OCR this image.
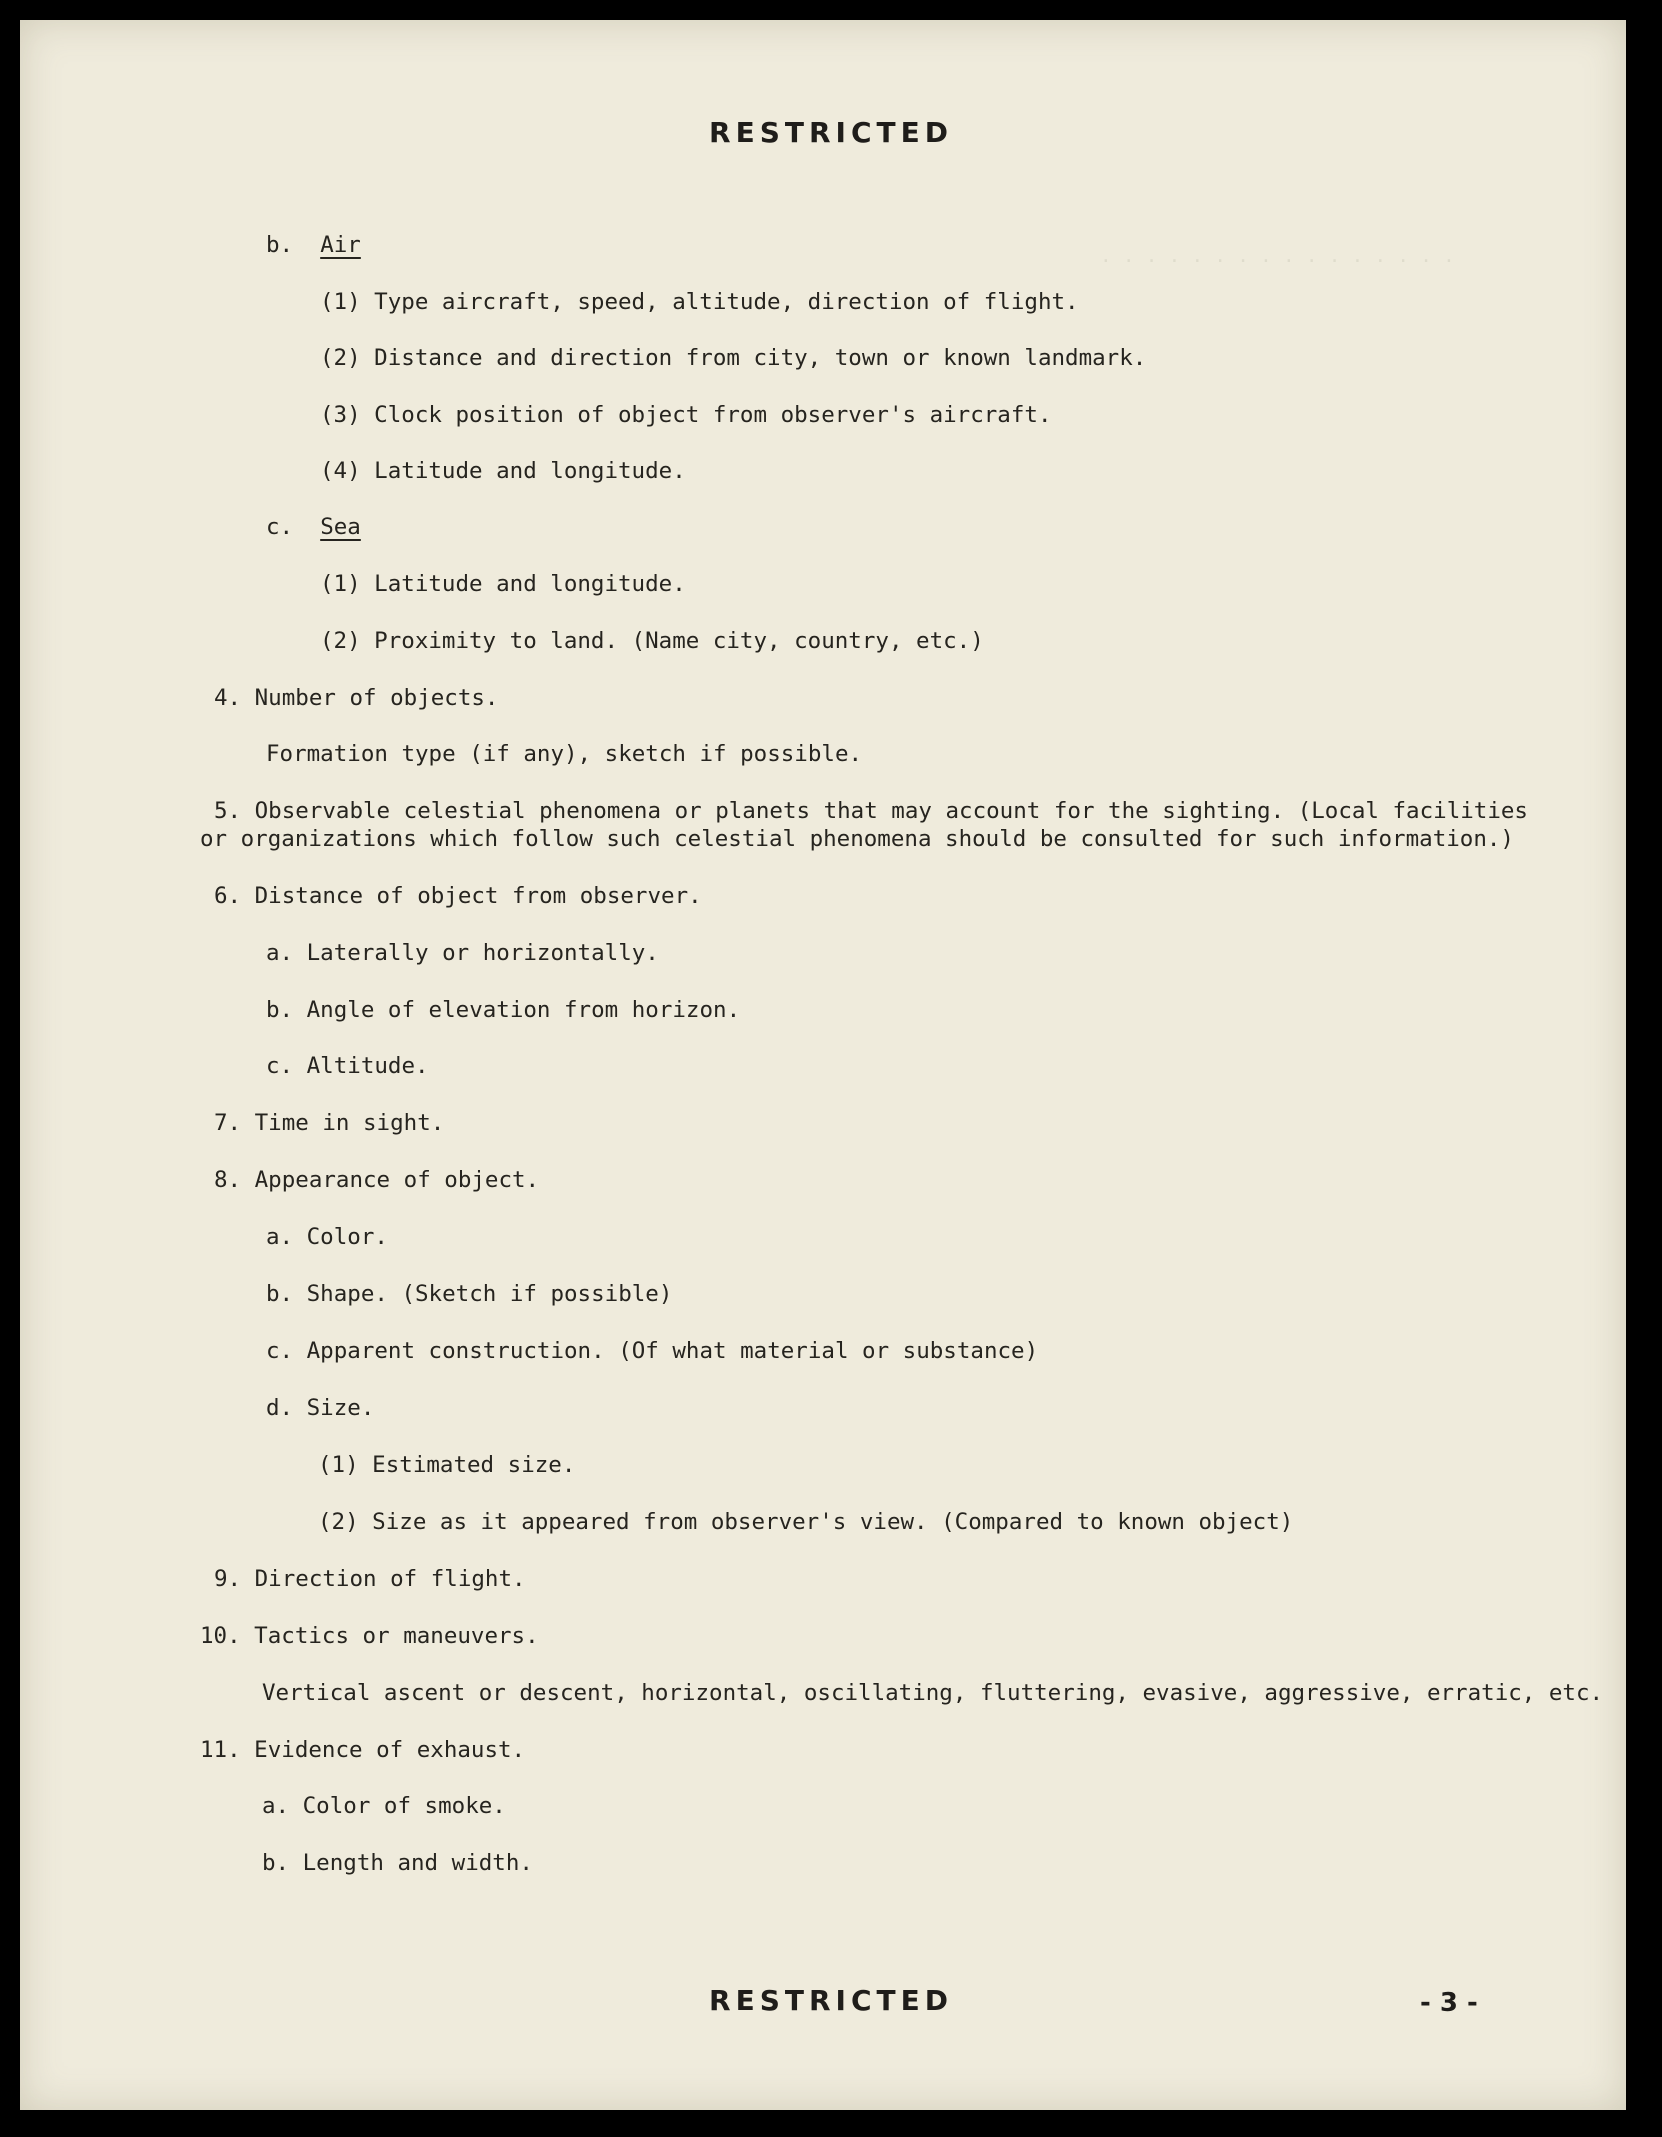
· · · · · · · · · · · · · · · ·
RESTRICTED
b. Air
(1) Type aircraft, speed, altitude, direction of flight.
(2) Distance and direction from city, town or known landmark.
(3) Clock position of object from observer's aircraft.
(4) Latitude and longitude.
c. Sea
(1) Latitude and longitude.
(2) Proximity to land. (Name city, country, etc.)
4. Number of objects.
Formation type (if any), sketch if possible.
5. Observable celestial phenomena or planets that may account for the sighting. (Local facilities
or organizations which follow such celestial phenomena should be consulted for such information.)
6. Distance of object from observer.
a. Laterally or horizontally.
b. Angle of elevation from horizon.
c. Altitude.
7. Time in sight.
8. Appearance of object.
a. Color.
b. Shape. (Sketch if possible)
c. Apparent construction. (Of what material or substance)
d. Size.
(1) Estimated size.
(2) Size as it appeared from observer's view. (Compared to known object)
9. Direction of flight.
10. Tactics or maneuvers.
Vertical ascent or descent, horizontal, oscillating, fluttering, evasive, aggressive, erratic, etc.
11. Evidence of exhaust.
a. Color of smoke.
b. Length and width.
RESTRICTED	- 3 -
